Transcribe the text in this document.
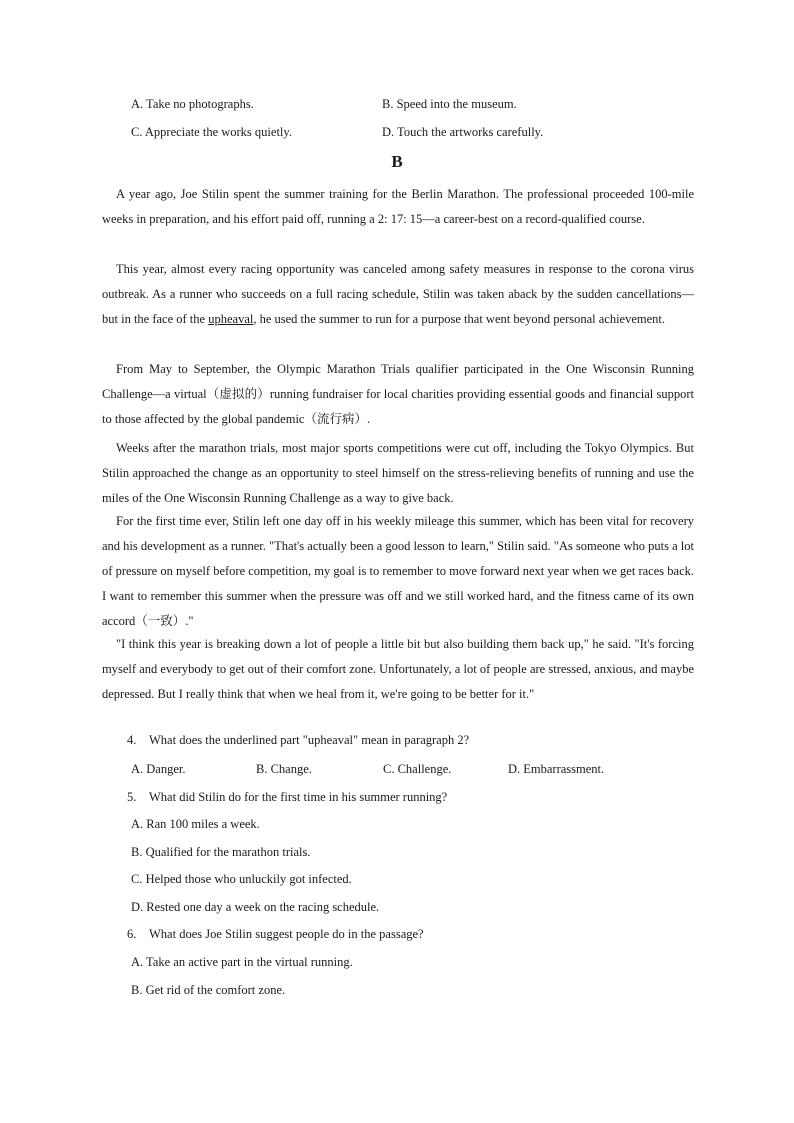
A. Take no photographs.	B. Speed into the museum.
C. Appreciate the works quietly.	D. Touch the artworks carefully.
B

A year ago, Joe Stilin spent the summer training for the Berlin Marathon. The professional proceeded 100-mile weeks in preparation, and his effort paid off, running a 2: 17: 15—a career-best on a record-qualified course.

This year, almost every racing opportunity was canceled among safety measures in response to the corona virus outbreak. As a runner who succeeds on a full racing schedule, Stilin was taken aback by the sudden cancellations—but in the face of the upheaval, he used the summer to run for a purpose that went beyond personal achievement.

From May to September, the Olympic Marathon Trials qualifier participated in the One Wisconsin Running Challenge—a virtual（虚拟的）running fundraiser for local charities providing essential goods and financial support to those affected by the global pandemic（流行病）.

Weeks after the marathon trials, most major sports competitions were cut off, including the Tokyo Olympics. But Stilin approached the change as an opportunity to steel himself on the stress-relieving benefits of running and use the miles of the One Wisconsin Running Challenge as a way to give back.

For the first time ever, Stilin left one day off in his weekly mileage this summer, which has been vital for recovery and his development as a runner. "That's actually been a good lesson to learn," Stilin said. "As someone who puts a lot of pressure on myself before competition, my goal is to remember to move forward next year when we get races back. I want to remember this summer when the pressure was off and we still worked hard, and the fitness came of its own accord（一致）."

"I think this year is breaking down a lot of people a little bit but also building them back up," he said. "It's forcing myself and everybody to get out of their comfort zone. Unfortunately, a lot of people are stressed, anxious, and maybe depressed. But I really think that when we heal from it, we're going to be better for it."

4. What does the underlined part "upheaval" mean in paragraph 2?
A. Danger.	B. Change.	C. Challenge.	D. Embarrassment.
5. What did Stilin do for the first time in his summer running?
A. Ran 100 miles a week.
B. Qualified for the marathon trials.
C. Helped those who unluckily got infected.
D. Rested one day a week on the racing schedule.
6. What does Joe Stilin suggest people do in the passage?
A. Take an active part in the virtual running.
B. Get rid of the comfort zone.
